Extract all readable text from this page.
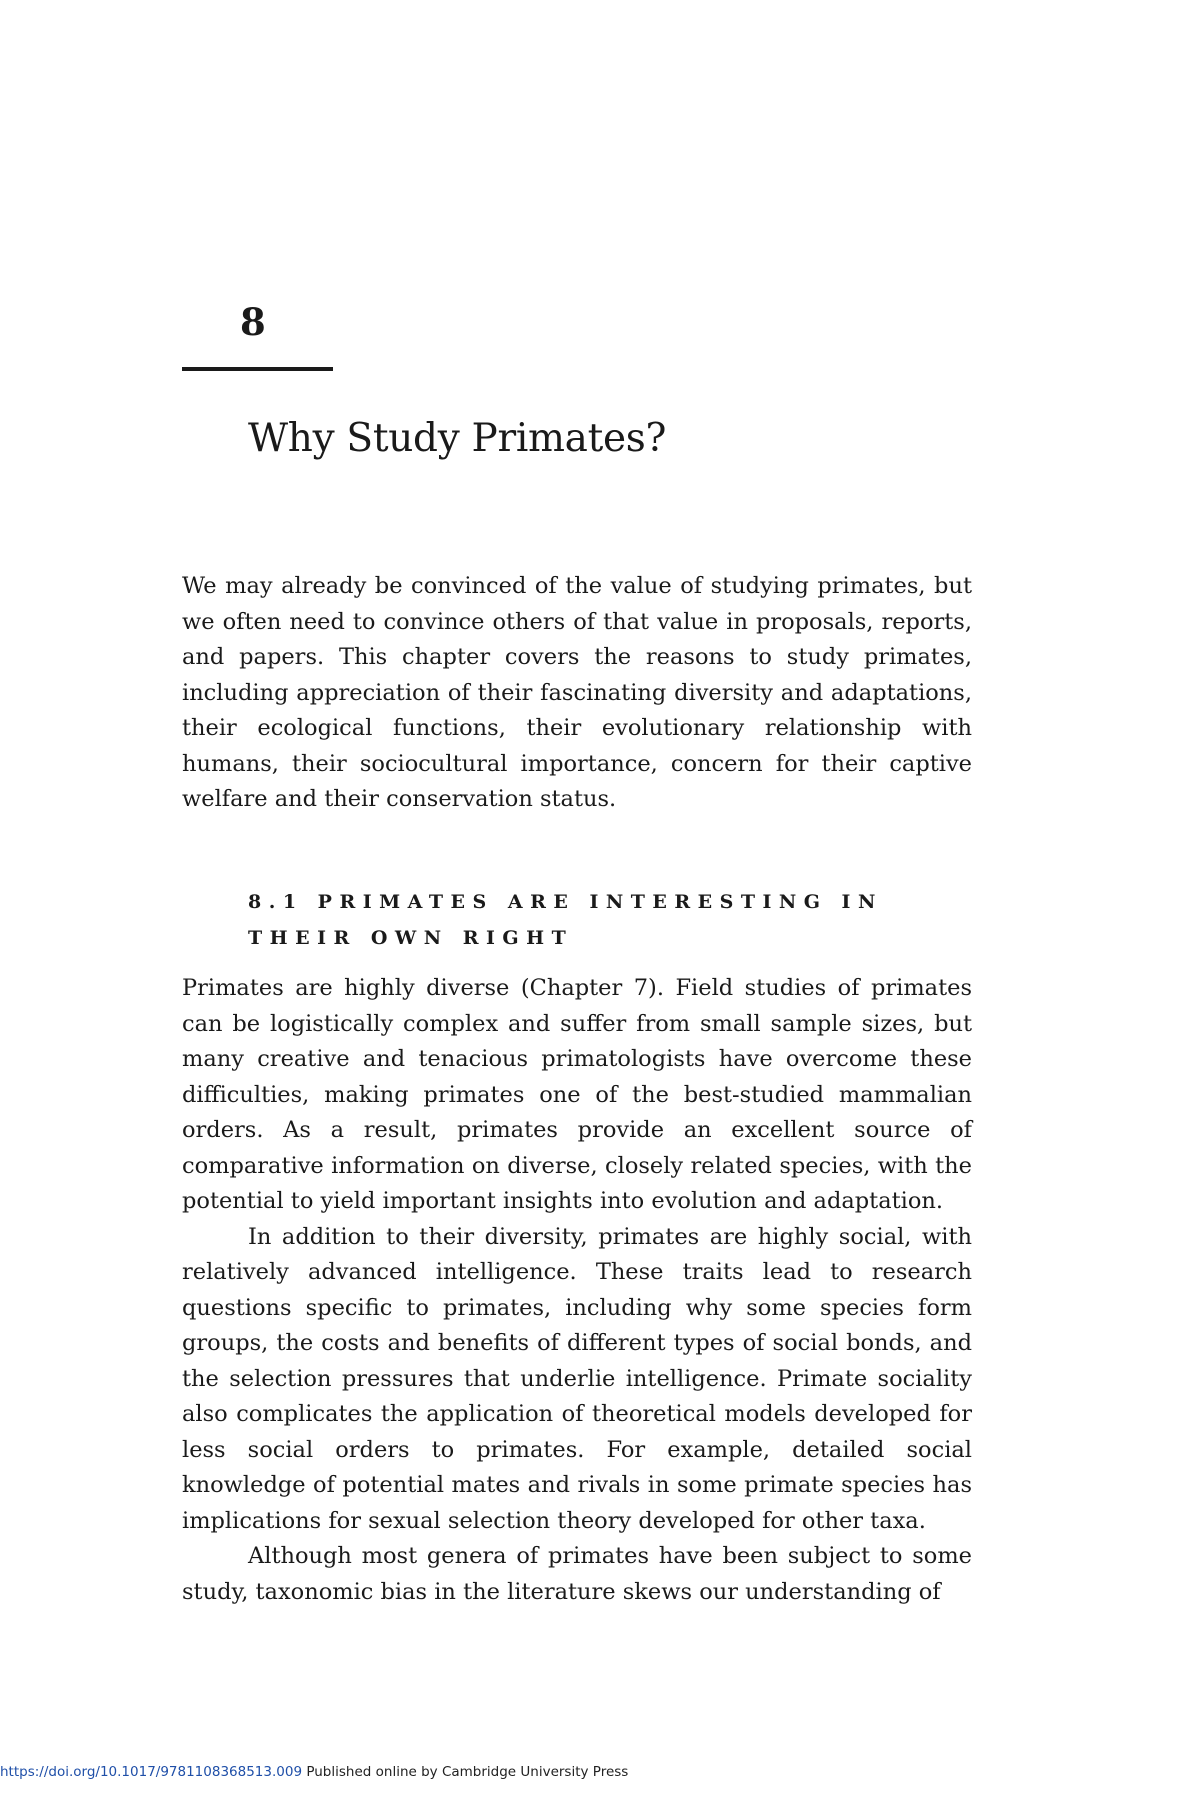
8
Why Study Primates?

We may already be convinced of the value of studying primates, but we often need to convince others of that value in proposals, reports, and papers. This chapter covers the reasons to study primates, including appreciation of their fascinating diversity and adaptations, their ecological functions, their evolutionary relationship with humans, their sociocultural importance, concern for their captive welfare and their conservation status.

8.1 PRIMATES ARE INTERESTING IN THEIR OWN RIGHT

Primates are highly diverse (Chapter 7). Field studies of primates can be logistically complex and suffer from small sample sizes, but many creative and tenacious primatologists have overcome these difficulties, making primates one of the best-studied mammalian orders. As a result, primates provide an excellent source of comparative information on diverse, closely related species, with the potential to yield important insights into evolution and adaptation.

In addition to their diversity, primates are highly social, with relatively advanced intelligence. These traits lead to research questions specific to primates, including why some species form groups, the costs and benefits of different types of social bonds, and the selection pressures that underlie intelligence. Primate sociality also complicates the application of theoretical models developed for less social orders to primates. For example, detailed social knowledge of potential mates and rivals in some primate species has implications for sexual selection theory developed for other taxa.

Although most genera of primates have been subject to some study, taxonomic bias in the literature skews our understanding of

https://doi.org/10.1017/9781108368513.009 Published online by Cambridge University Press
